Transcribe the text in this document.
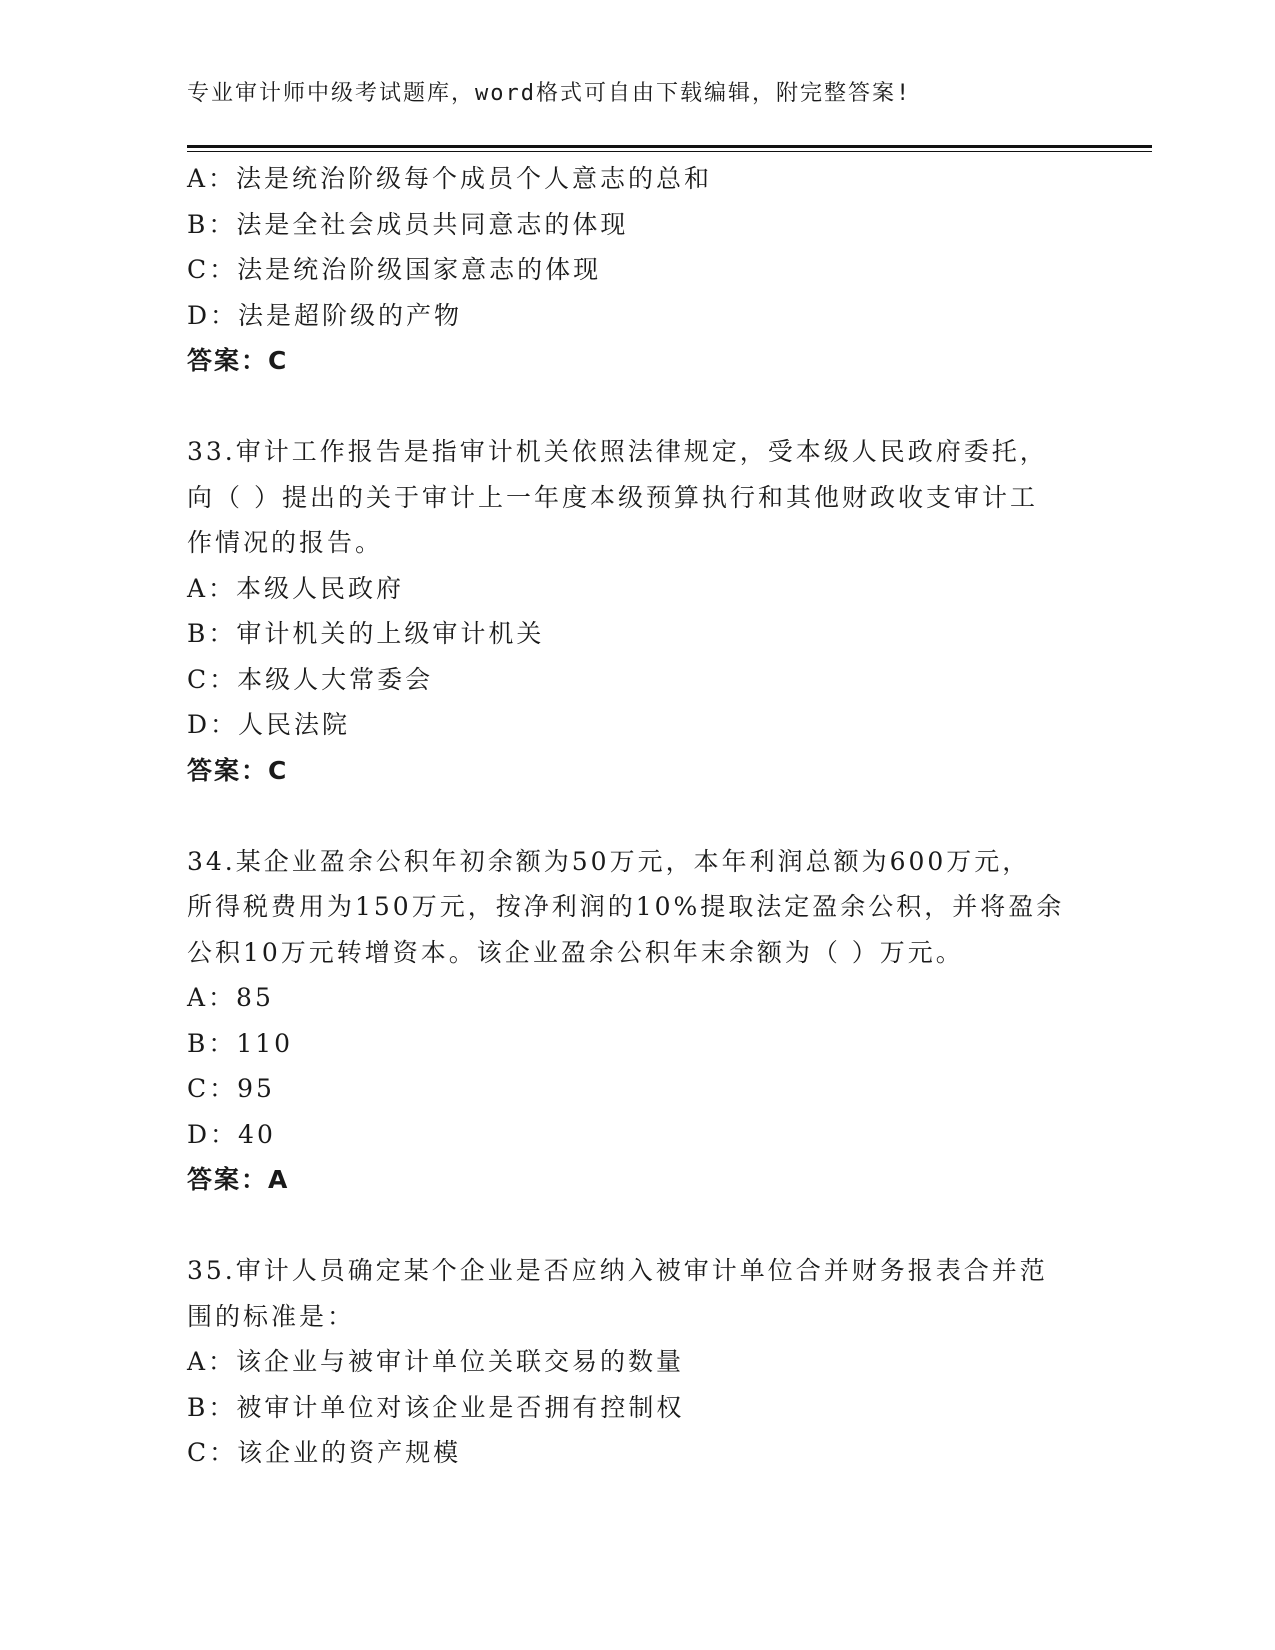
专业审计师中级考试题库，word格式可自由下载编辑，附完整答案!
A：法是统治阶级每个成员个人意志的总和
B：法是全社会成员共同意志的体现
C：法是统治阶级国家意志的体现
D：法是超阶级的产物
答案：C
33.审计工作报告是指审计机关依照法律规定，受本级人民政府委托，
向（ ）提出的关于审计上一年度本级预算执行和其他财政收支审计工
作情况的报告。
A：本级人民政府
B：审计机关的上级审计机关
C：本级人大常委会
D：人民法院
答案：C
34.某企业盈余公积年初余额为50万元，本年利润总额为600万元，
所得税费用为150万元，按净利润的10%提取法定盈余公积，并将盈余
公积10万元转增资本。该企业盈余公积年末余额为（ ）万元。
A：85
B：110
C：95
D：40
答案：A
35.审计人员确定某个企业是否应纳入被审计单位合并财务报表合并范
围的标准是：
A：该企业与被审计单位关联交易的数量
B：被审计单位对该企业是否拥有控制权
C：该企业的资产规模
